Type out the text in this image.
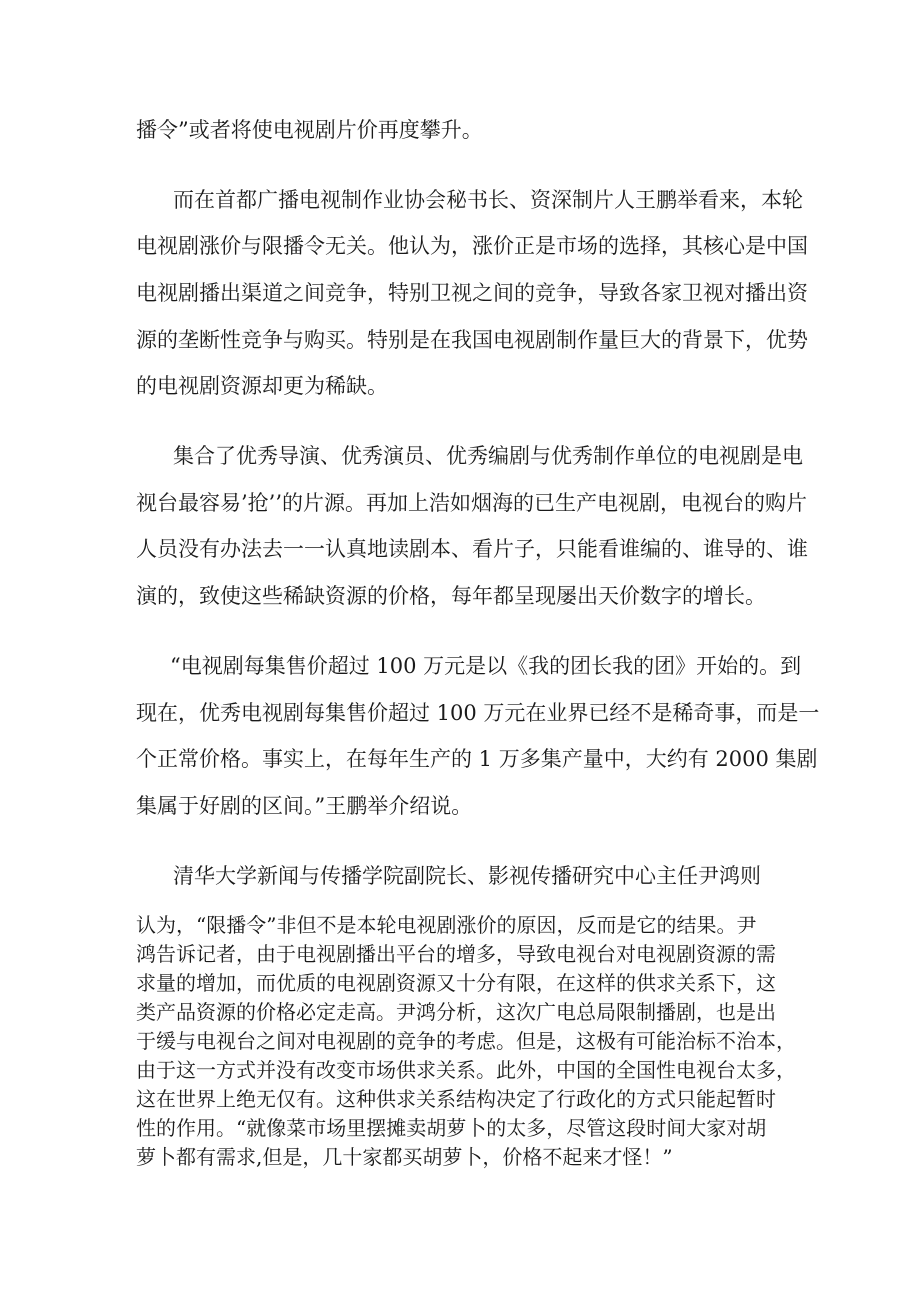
播令”或者将使电视剧片价再度攀升。

而在首都广播电视制作业协会秘书长、资深制片人王鹏举看来，本轮

电视剧涨价与限播令无关。他认为，涨价正是市场的选择，其核心是中国

电视剧播出渠道之间竞争，特别卫视之间的竞争，导致各家卫视对播出资

源的垄断性竞争与购买。特别是在我国电视剧制作量巨大的背景下，优势

的电视剧资源却更为稀缺。

集合了优秀导演、优秀演员、优秀编剧与优秀制作单位的电视剧是电

视台最容易’抢’’的片源。再加上浩如烟海的已生产电视剧，电视台的购片

人员没有办法去一一认真地读剧本、看片子，只能看谁编的、谁导的、谁

演的，致使这些稀缺资源的价格，每年都呈现屡出天价数字的增长。

“电视剧每集售价超过 100 万元是以《我的团长我的团》开始的。到

现在，优秀电视剧每集售价超过 100 万元在业界已经不是稀奇事，而是一

个正常价格。事实上，在每年生产的 1 万多集产量中，大约有 2000 集剧

集属于好剧的区间。”王鹏举介绍说。

清华大学新闻与传播学院副院长、影视传播研究中心主任尹鸿则

认为，“限播令”非但不是本轮电视剧涨价的原因，反而是它的结果。尹

鸿告诉记者，由于电视剧播出平台的增多，导致电视台对电视剧资源的需

求量的增加，而优质的电视剧资源又十分有限，在这样的供求关系下，这

类产品资源的价格必定走高。尹鸿分析，这次广电总局限制播剧，也是出

于缓与电视台之间对电视剧的竞争的考虑。但是，这极有可能治标不治本，

由于这一方式并没有改变市场供求关系。此外，中国的全国性电视台太多，

这在世界上绝无仅有。这种供求关系结构决定了行政化的方式只能起暂时

性的作用。“就像菜市场里摆摊卖胡萝卜的太多，尽管这段时间大家对胡

萝卜都有需求,但是，几十家都买胡萝卜，价格不起来才怪！”
